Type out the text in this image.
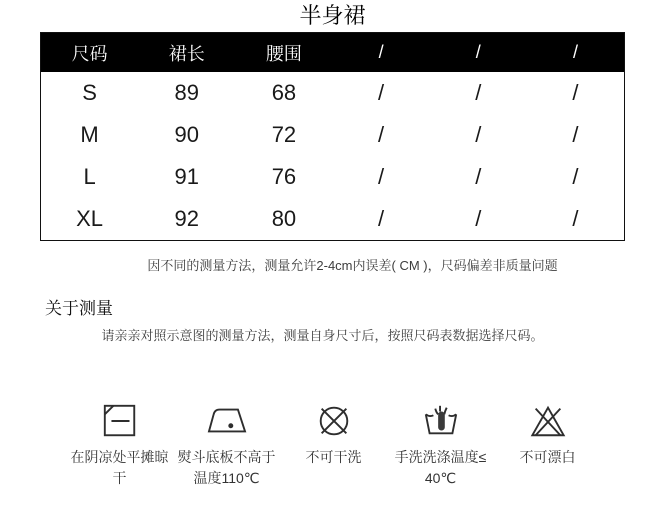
半身裙
尺码	裙长	腰围	/	/	/
S	89	68	/	/	/
M	90	72	/	/	/
L	91	76	/	/	/
XL	92	80	/	/	/
因不同的测量方法，测量允许2-4cm内误差( CM )，尺码偏差非质量问题
关于测量
请亲亲对照示意图的测量方法，测量自身尺寸后，按照尺码表数据选择尺码。
在阴凉处平摊晾
干
熨斗底板不高于
温度110℃
不可干洗 手洗洗涤温度≤
40℃
不可漂白
